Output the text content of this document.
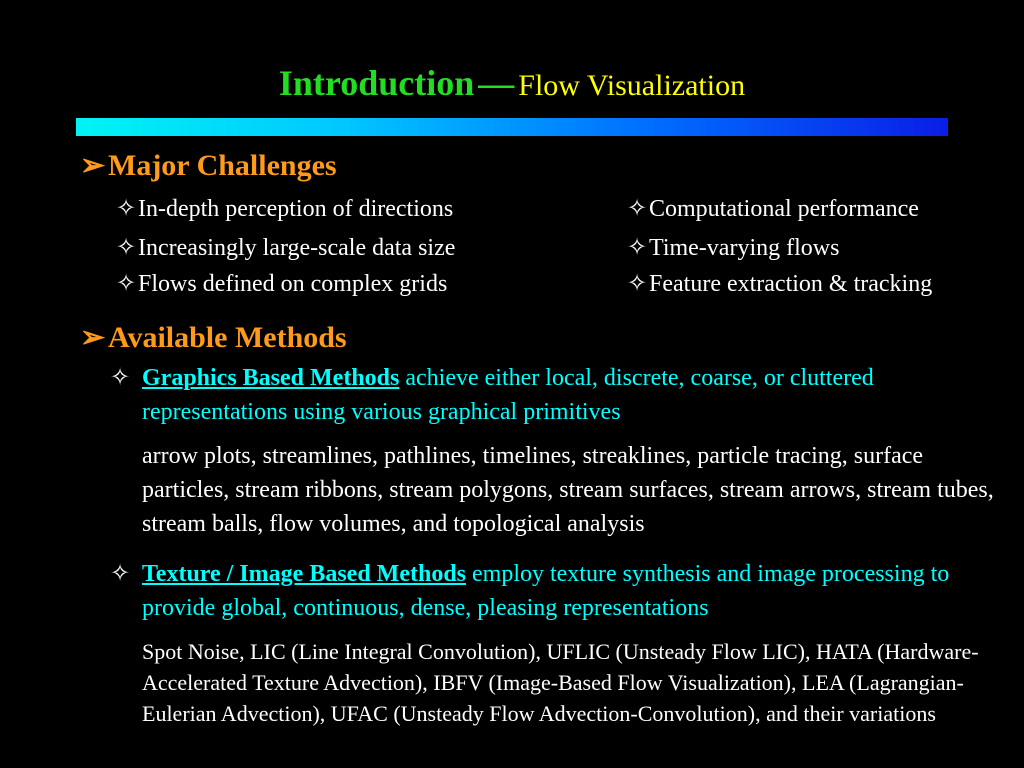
Introduction — Flow Visualization
➢Major Challenges
✧In-depth perception of directions
✧Increasingly large-scale data size
✧Flows defined on complex grids
✧Computational performance
✧Time-varying flows
✧Feature extraction & tracking
➢Available Methods
✧ Graphics Based Methods achieve either local, discrete, coarse, or cluttered representations using various graphical primitives
arrow plots, streamlines, pathlines, timelines, streaklines, particle tracing, surface particles, stream ribbons, stream polygons, stream surfaces, stream arrows, stream tubes, stream balls, flow volumes, and topological analysis
✧ Texture / Image Based Methods employ texture synthesis and image processing to provide global, continuous, dense, pleasing representations
Spot Noise, LIC (Line Integral Convolution), UFLIC (Unsteady Flow LIC), HATA (Hardware-Accelerated Texture Advection), IBFV (Image-Based Flow Visualization), LEA (Lagrangian-Eulerian Advection), UFAC (Unsteady Flow Advection-Convolution), and their variations
